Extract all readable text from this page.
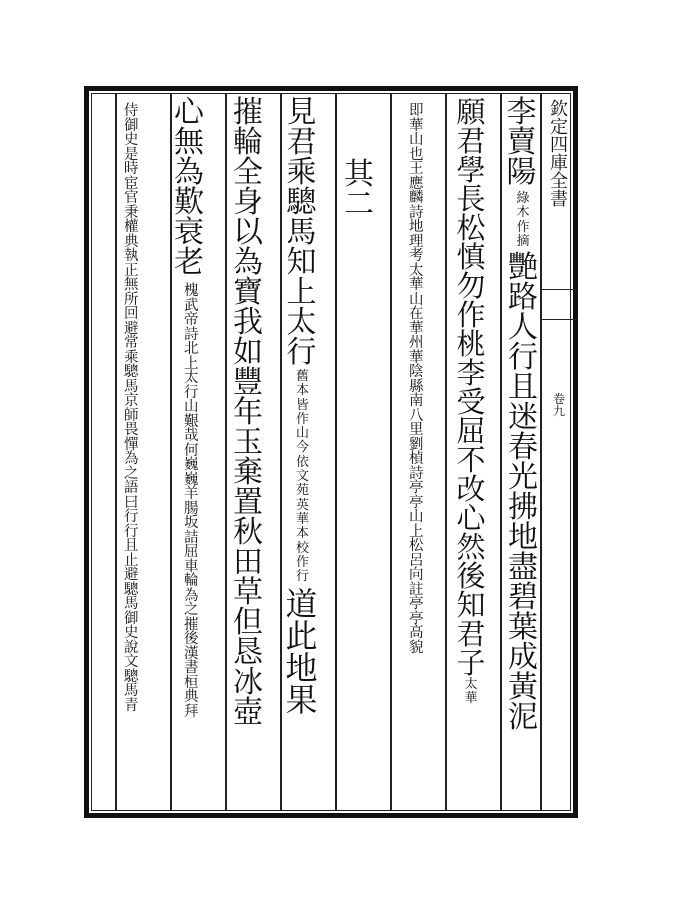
欽定四庫全書
卷九
李賣陽
綠木作摘
艷路人行且迷春光拂地盡碧葉成黃泥
願君學長松慎勿作桃李受屈不改心然後知君子
太華
即華山也王應麟詩地理考太華山在華州華陰縣南八里劉楨詩亭亭山上松呂向註亭亭高貌
其二
見君乘驄馬知上太行
舊本皆作山今依文苑英華本校作行
道此地果
摧輪全身以為寶我如豐年玉棄置秋田草但恳冰壺
心無為歎衰老
槐武帝詩北上太行山艱哉何巍巍羊腸坂詰屈車輪為之摧後漢書桓典拜
侍御史是時宦官秉權典執正無所回避常乘驄馬京師畏憚為之語曰行行且止避驄馬御史說文驄馬青
